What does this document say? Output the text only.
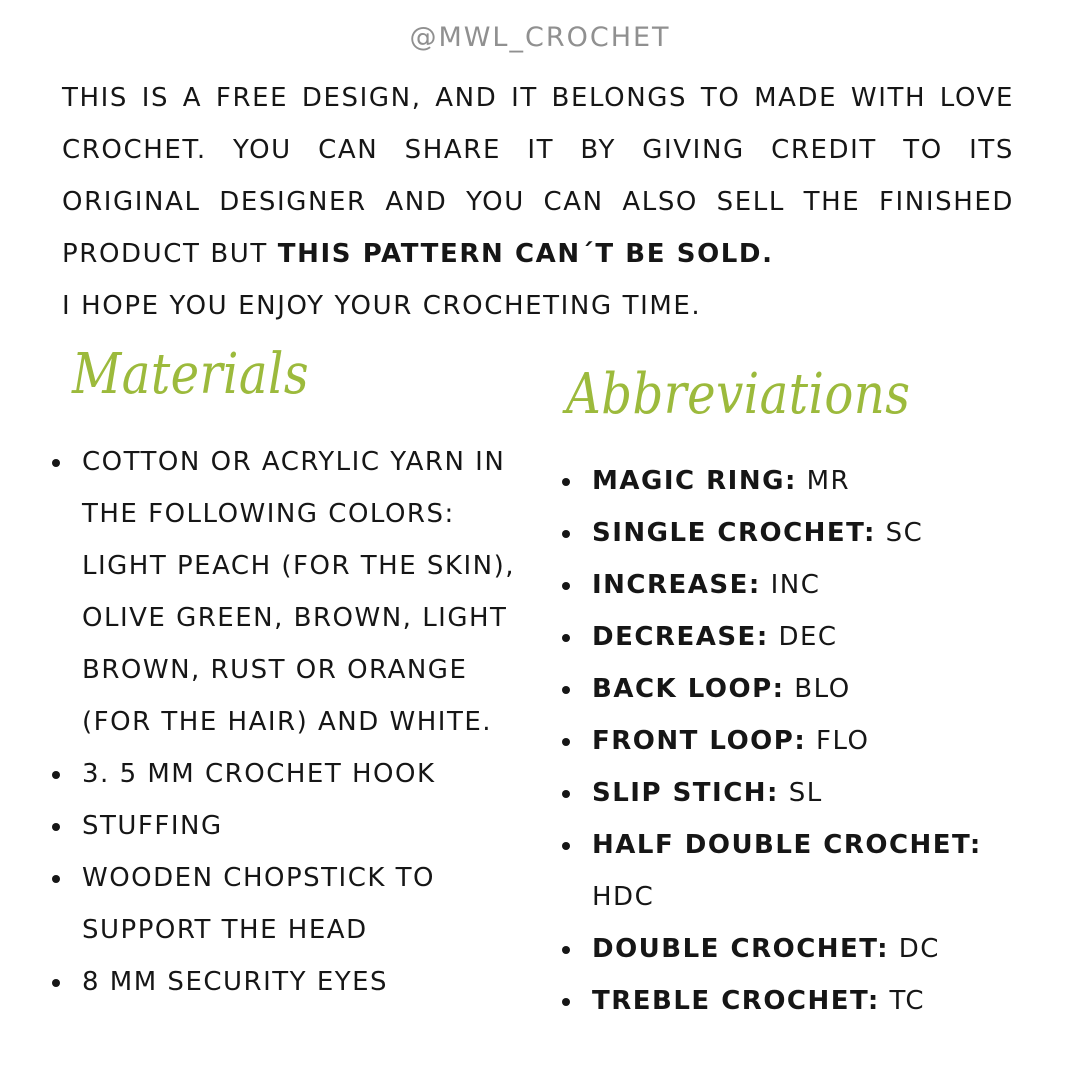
@MWL_CROCHET

THIS IS A FREE DESIGN, AND IT BELONGS TO MADE WITH LOVE CROCHET. YOU CAN SHARE IT BY GIVING CREDIT TO ITS ORIGINAL DESIGNER AND YOU CAN ALSO SELL THE FINISHED PRODUCT BUT THIS PATTERN CAN´T BE SOLD.

I HOPE YOU ENJOY YOUR CROCHETING TIME.

Materials	Abbreviations
COTTON OR ACRYLIC YARN IN THE FOLLOWING COLORS: LIGHT PEACH (FOR THE SKIN), OLIVE GREEN, BROWN, LIGHT BROWN, RUST OR ORANGE (FOR THE HAIR) AND WHITE.
3. 5 MM CROCHET HOOK
STUFFING
WOODEN CHOPSTICK TO SUPPORT THE HEAD
8 MM SECURITY EYES
MAGIC RING: MR
SINGLE CROCHET: SC
INCREASE: INC
DECREASE: DEC
BACK LOOP: BLO
FRONT LOOP: FLO
SLIP STICH: SL
HALF DOUBLE CROCHET: HDC
DOUBLE CROCHET: DC
TREBLE CROCHET: TC
